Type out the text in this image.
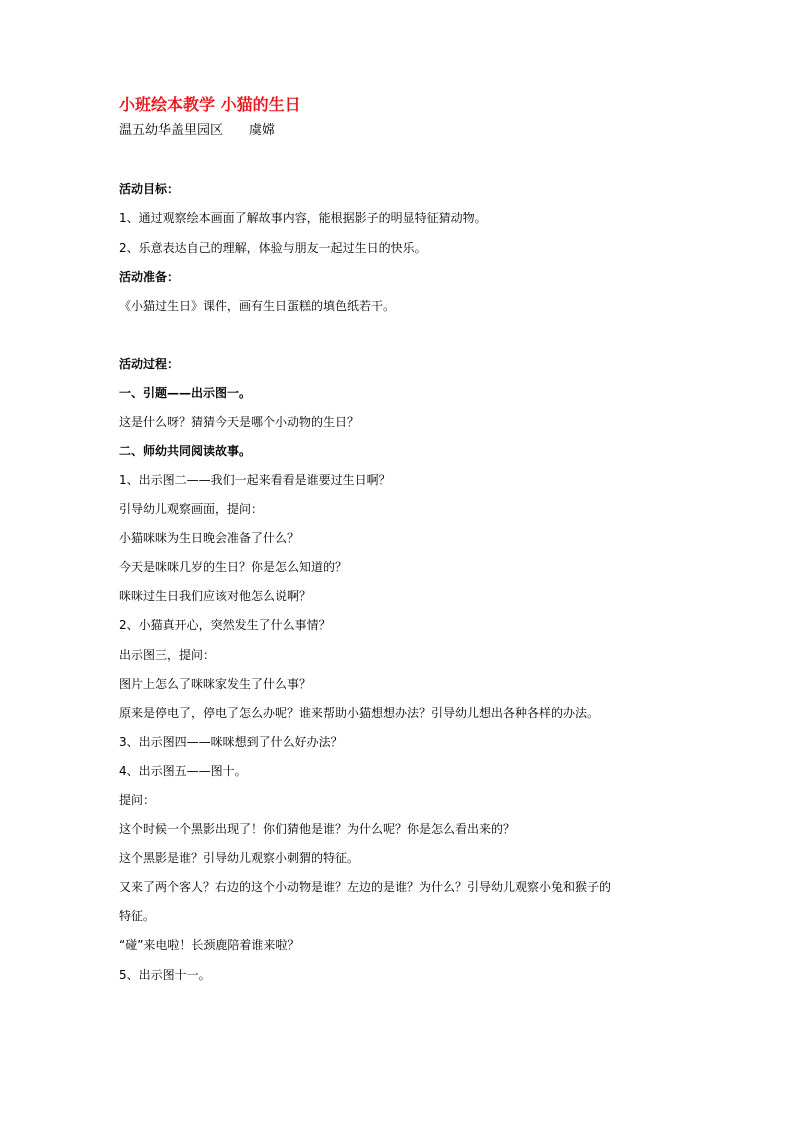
小班绘本教学 小猫的生日
温五幼华盖里园区 虞嫦
活动目标：
1、通过观察绘本画面了解故事内容，能根据影子的明显特征猜动物。
2、乐意表达自己的理解，体验与朋友一起过生日的快乐。
活动准备：
《小猫过生日》课件，画有生日蛋糕的填色纸若干。
活动过程：
一、引题——出示图一。
这是什么呀？猜猜今天是哪个小动物的生日？
二、师幼共同阅读故事。
1、出示图二——我们一起来看看是谁要过生日啊？
引导幼儿观察画面，提问：
小猫咪咪为生日晚会准备了什么？
今天是咪咪几岁的生日？你是怎么知道的？
咪咪过生日我们应该对他怎么说啊？
2、小猫真开心，突然发生了什么事情？
出示图三，提问：
图片上怎么了咪咪家发生了什么事？
原来是停电了，停电了怎么办呢？谁来帮助小猫想想办法？引导幼儿想出各种各样的办法。
3、出示图四——咪咪想到了什么好办法？
4、出示图五——图十。
提问：
这个时候一个黑影出现了！你们猜他是谁？为什么呢？你是怎么看出来的？
这个黑影是谁？引导幼儿观察小刺猬的特征。
又来了两个客人？右边的这个小动物是谁？左边的是谁？为什么？引导幼儿观察小兔和猴子的
特征。
“碰”来电啦！长颈鹿陪着谁来啦？
5、出示图十一。
